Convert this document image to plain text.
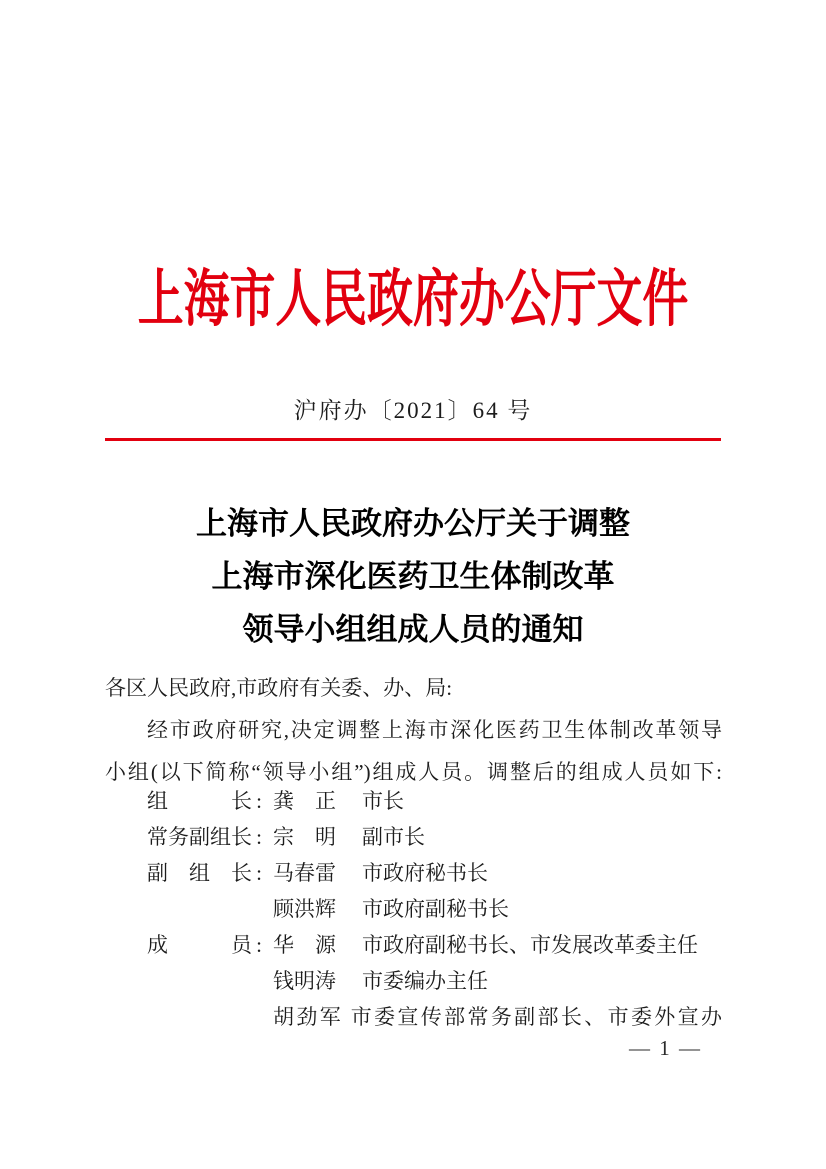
上海市人民政府办公厅文件
沪府办〔2021〕64 号
上海市人民政府办公厅关于调整
上海市深化医药卫生体制改革
领导小组组成人员的通知
各区人民政府,市政府有关委、办、局:
经市政府研究,决定调整上海市深化医药卫生体制改革领导
小组(以下简称“领导小组”)组成人员。调整后的组成人员如下:
组长 : 龚正 市长
常务副组长 : 宗明 副市长
副组长 : 马春雷 市政府秘书长
顾洪辉 市政府副秘书长
成员 : 华源 市政府副秘书长、市发展改革委主任
钱明涛 市委编办主任
胡劲军 市委宣传部常务副部长、市委外宣办
— 1 —
